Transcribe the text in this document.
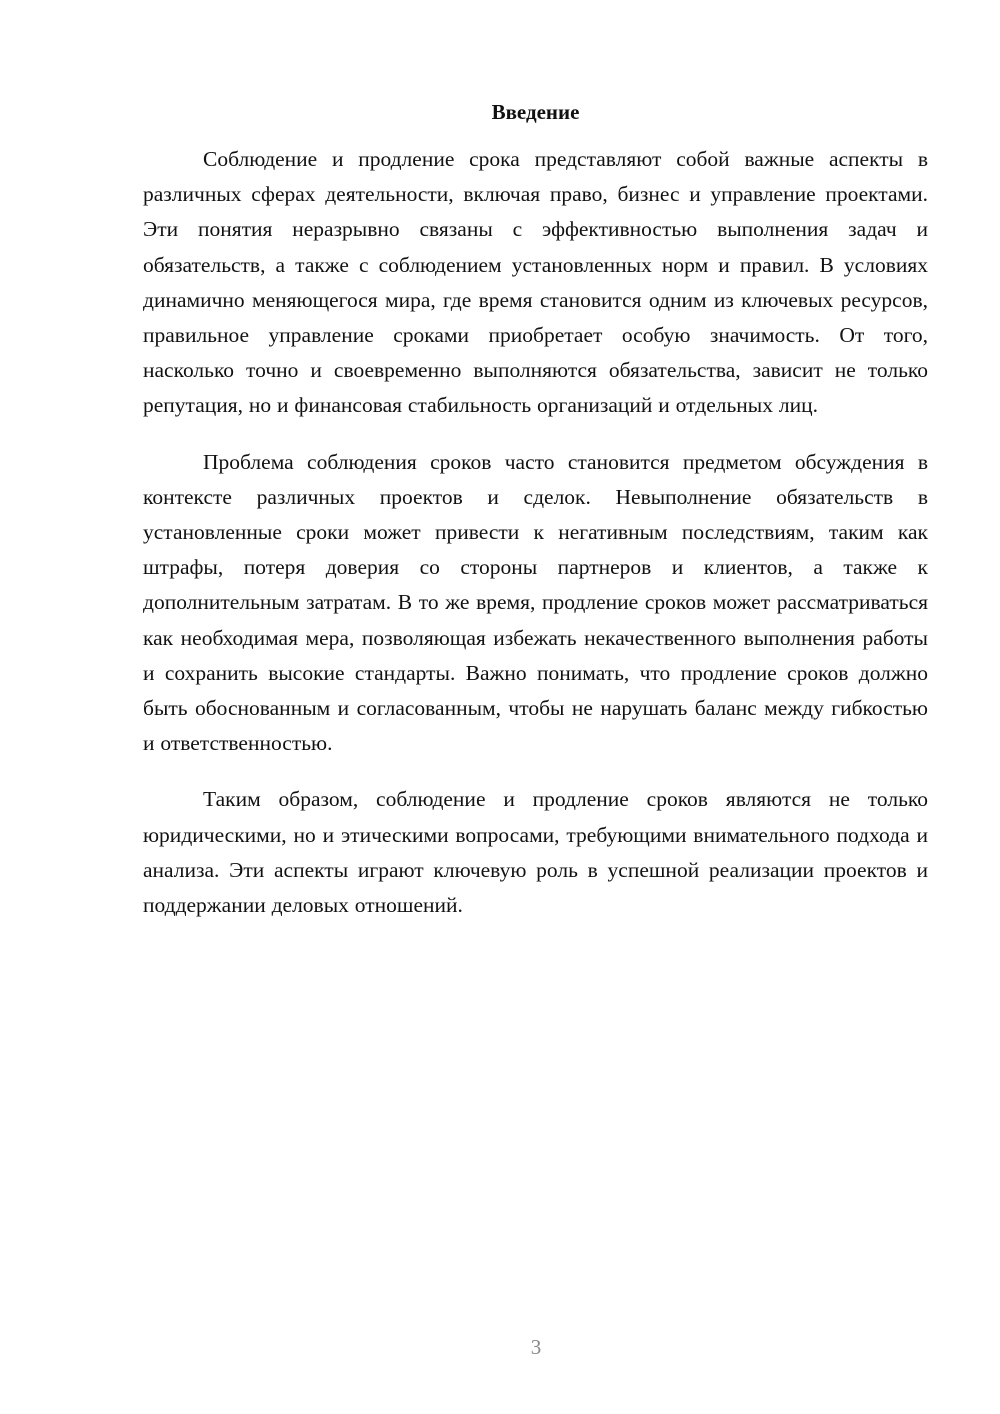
Введение

Соблюдение и продление срока представляют собой важные аспекты в различных сферах деятельности, включая право, бизнес и управление проектами. Эти понятия неразрывно связаны с эффективностью выполнения задач и обязательств, а также с соблюдением установленных норм и правил. В условиях динамично меняющегося мира, где время становится одним из ключевых ресурсов, правильное управление сроками приобретает особую значимость. От того, насколько точно и своевременно выполняются обязательства, зависит не только репутация, но и финансовая стабильность организаций и отдельных лиц.

Проблема соблюдения сроков часто становится предметом обсуждения в контексте различных проектов и сделок. Невыполнение обязательств в установленные сроки может привести к негативным последствиям, таким как штрафы, потеря доверия со стороны партнеров и клиентов, а также к дополнительным затратам. В то же время, продление сроков может рассматриваться как необходимая мера, позволяющая избежать некачественного выполнения работы и сохранить высокие стандарты. Важно понимать, что продление сроков должно быть обоснованным и согласованным, чтобы не нарушать баланс между гибкостью и ответственностью.

Таким образом, соблюдение и продление сроков являются не только юридическими, но и этическими вопросами, требующими внимательного подхода и анализа. Эти аспекты играют ключевую роль в успешной реализации проектов и поддержании деловых отношений.

3
